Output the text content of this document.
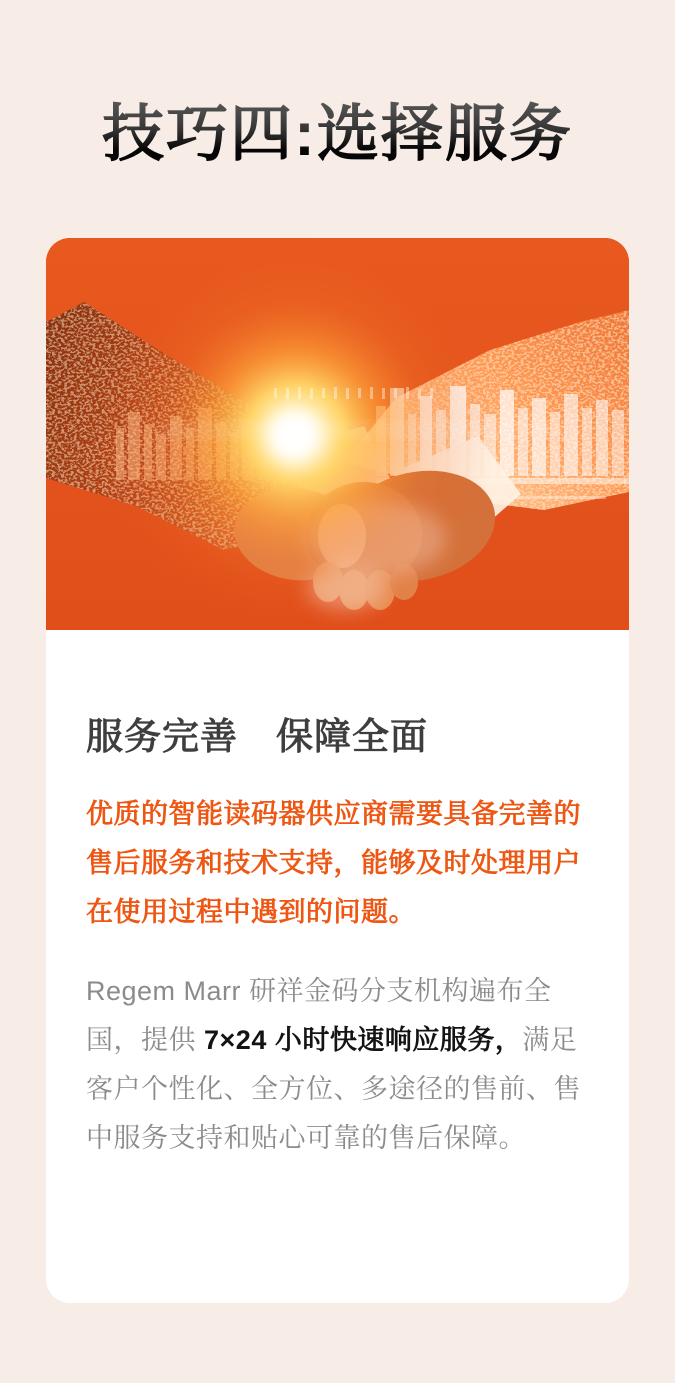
技巧四:选择服务
服务完善　保障全面

优质的智能读码器供应商需要具备完善的售后服务和技术支持，能够及时处理用户在使用过程中遇到的问题。

Regem Marr 研祥金码分支机构遍布全国，提供 7×24 小时快速响应服务，满足客户个性化、全方位、多途径的售前、售中服务支持和贴心可靠的售后保障。
